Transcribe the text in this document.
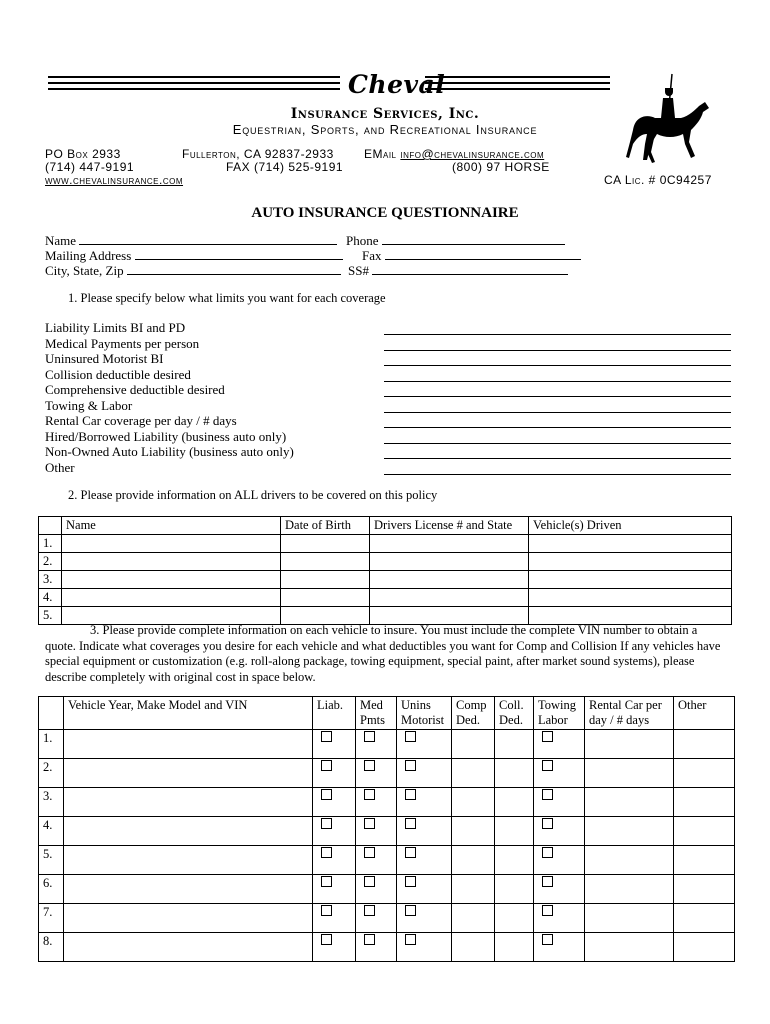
Cheval
Insurance Services, Inc.
Equestrian, Sports, and Recreational Insurance
PO Box 2933
(714) 447-9191
www.chevalinsurance.com
Fullerton, CA 92837-2933
FAX (714) 525-9191
EMail info@chevalinsurance.com
(800) 97 HORSE
CA Lic. # 0C94257
AUTO INSURANCE QUESTIONNAIRE
Name
Mailing Address
City, State, Zip
Phone
Fax
SS#
1. Please specify below what limits you want for each coverage
Liability Limits BI and PD
Medical Payments per person
Uninsured Motorist BI
Collision deductible desired
Comprehensive deductible desired
Towing & Labor
Rental Car coverage per day / # days
Hired/Borrowed Liability (business auto only)
Non-Owned Auto Liability (business auto only)
Other
2. Please provide information on ALL drivers to be covered on this policy
	Name	Date of Birth	Drivers License # and State	Vehicle(s) Driven
1.				
2.				
3.				
4.				
5.				
3. Please provide complete information on each vehicle to insure. You must include the complete VIN number to obtain a quote. Indicate what coverages you desire for each vehicle and what deductibles you want for Comp and Collision If any vehicles have special equipment or customization (e.g. roll-along package, towing equipment, special paint, after market sound systems), please describe completely with original cost in space below.
	Vehicle Year, Make Model and VIN	Liab.	Med Pmts	Unins Motorist	Comp Ded.	Coll. Ded.	Towing Labor	Rental Car per day / # days	Other
1.									
2.									
3.									
4.									
5.									
6.									
7.									
8.									
